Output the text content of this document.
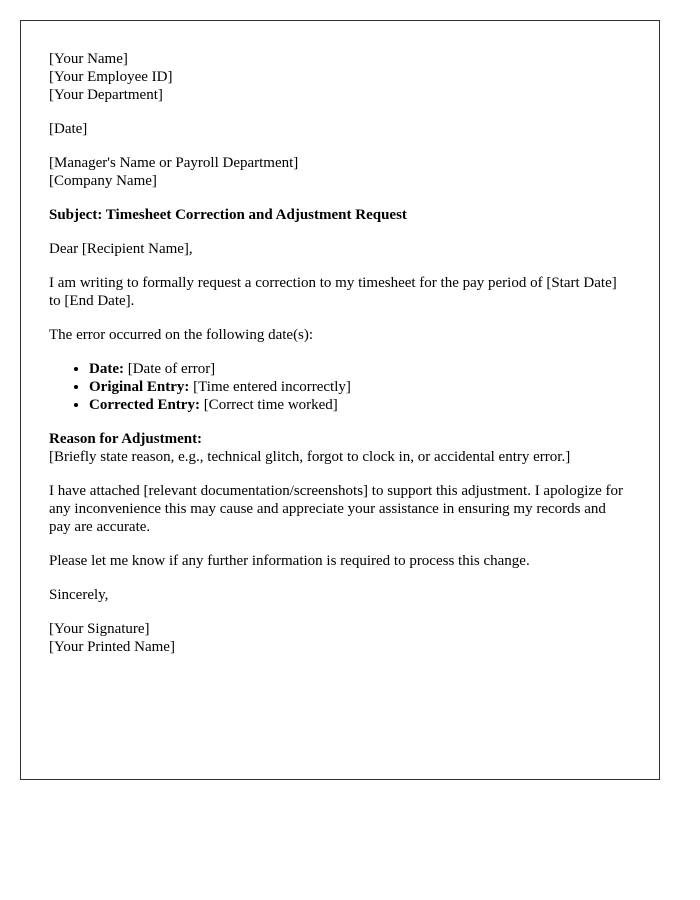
[Your Name]
[Your Employee ID]
[Your Department]
[Date]
[Manager's Name or Payroll Department]
[Company Name]

Subject: Timesheet Correction and Adjustment Request

Dear [Recipient Name],

I am writing to formally request a correction to my timesheet for the pay period of [Start Date] to [End Date].

The error occurred on the following date(s):

• Date: [Date of error]
• Original Entry: [Time entered incorrectly]
• Corrected Entry: [Correct time worked]

Reason for Adjustment:
[Briefly state reason, e.g., technical glitch, forgot to clock in, or accidental entry error.]

I have attached [relevant documentation/screenshots] to support this adjustment. I apologize for any inconvenience this may cause and appreciate your assistance in ensuring my records and pay are accurate.

Please let me know if any further information is required to process this change.

Sincerely,

[Your Signature]
[Your Printed Name]
